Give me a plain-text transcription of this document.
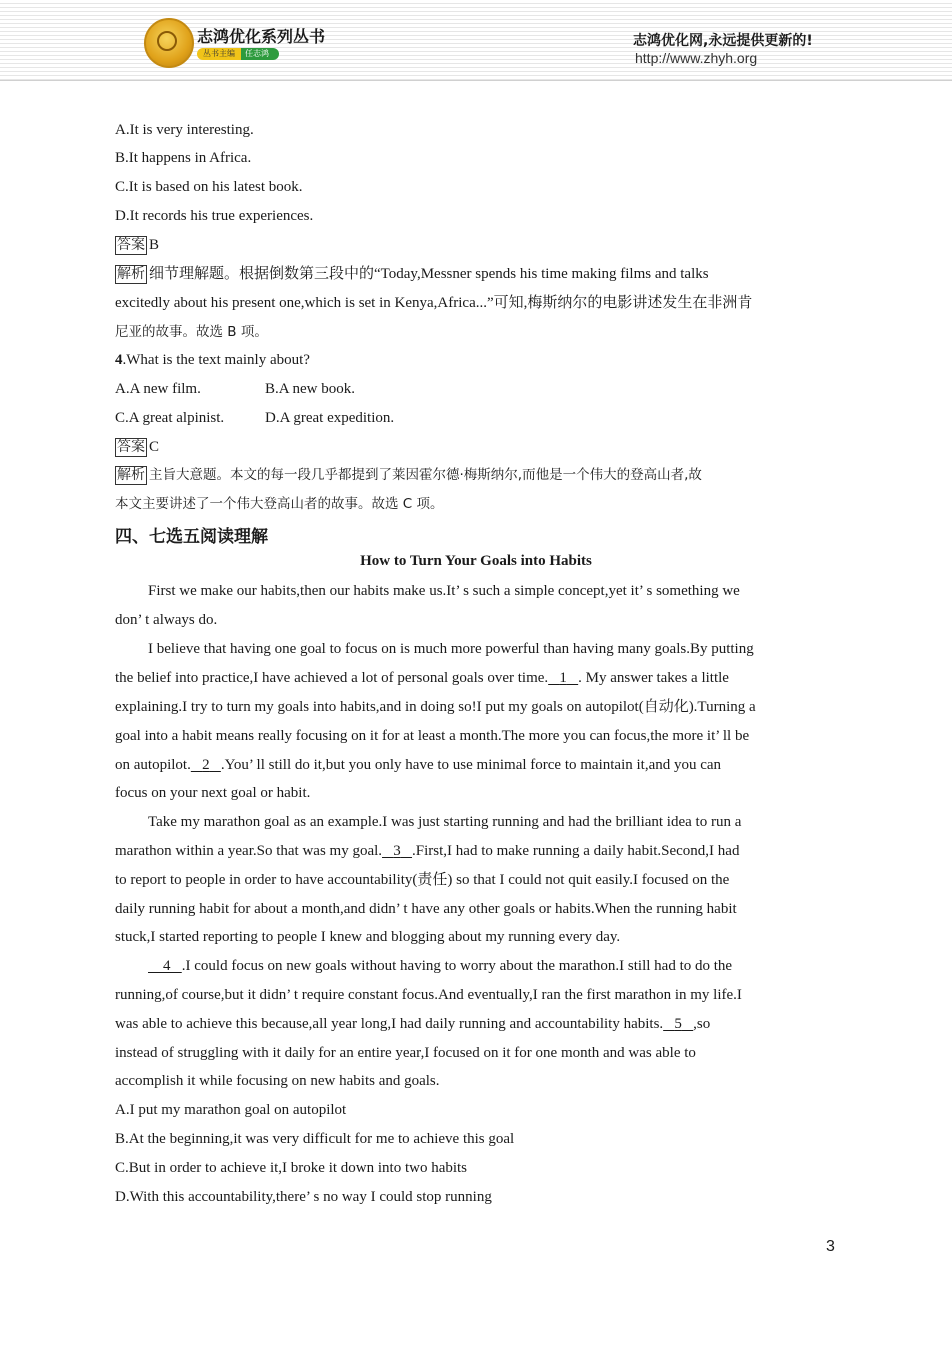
志鸿优化系列丛书
丛书主编	任志鸿
志鸿优化网,永远提供更新的!
http://www.zhyh.org
A.It is very interesting.
B.It happens in Africa.
C.It is based on his latest book.
D.It records his true experiences.
答案 B
解析 细节理解题。根据倒数第三段中的“Today,Messner spends his time making films and talks
excitedly about his present one,which is set in Kenya,Africa...”可知,梅斯纳尔的电影讲述发生在非洲肯
尼亚的故事。故选 B 项。
4.What is the text mainly about?
A.A new film.	B.A new book.
C.A great alpinist.	D.A great expedition.
答案 C
解析 主旨大意题。本文的每一段几乎都提到了莱因霍尔德·梅斯纳尔,而他是一个伟大的登高山者,故
本文主要讲述了一个伟大登高山者的故事。故选 C 项。
四、七选五阅读理解
How to Turn Your Goals into Habits
First we make our habits,then our habits make us.It’ s such a simple concept,yet it’ s something we
don’ t always do.
I believe that having one goal to focus on is much more powerful than having many goals.By putting
the belief into practice,I have achieved a lot of personal goals over time. 1 . My answer takes a little
explaining.I try to turn my goals into habits,and in doing so!I put my goals on autopilot(自动化).Turning a
goal into a habit means really focusing on it for at least a month.The more you can focus,the more it’ ll be
on autopilot. 2 .You’ ll still do it,but you only have to use minimal force to maintain it,and you can
focus on your next goal or habit.
Take my marathon goal as an example.I was just starting running and had the brilliant idea to run a
marathon within a year.So that was my goal. 3 .First,I had to make running a daily habit.Second,I had
to report to people in order to have accountability(责任) so that I could not quit easily.I focused on the
daily running habit for about a month,and didn’ t have any other goals or habits.When the running habit
stuck,I started reporting to people I knew and blogging about my running every day.
4 .I could focus on new goals without having to worry about the marathon.I still had to do the
running,of course,but it didn’ t require constant focus.And eventually,I ran the first marathon in my life.I
was able to achieve this because,all year long,I had daily running and accountability habits. 5 ,so
instead of struggling with it daily for an entire year,I focused on it for one month and was able to
accomplish it while focusing on new habits and goals.
A.I put my marathon goal on autopilot
B.At the beginning,it was very difficult for me to achieve this goal
C.But in order to achieve it,I broke it down into two habits
D.With this accountability,there’ s no way I could stop running
3
